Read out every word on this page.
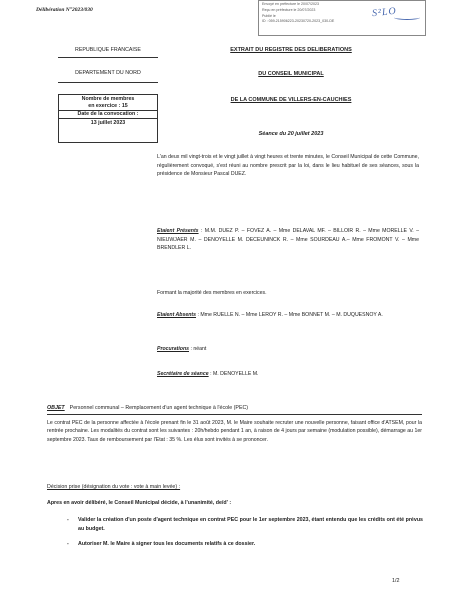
Délibération N°2023/030
Envoyé en préfecture le 20/07/2023
Reçu en préfecture le 20/07/2023
Publié le
ID : 059-215906223-20230720-2023_030-DE
S²LO
REPUBLIQUE FRANCAISE
DEPARTEMENT DU NORD
Nombre de membres
en exercice : 15
Date de la convocation :
13 juillet 2023
EXTRAIT DU REGISTRE DES DELIBERATIONS
DU CONSEIL MUNICIPAL
DE LA COMMUNE DE VILLERS-EN-CAUCHIES
Séance du 20 juillet 2023
L'an deux mil vingt-trois et le vingt juillet à vingt heures et trente minutes, le Conseil Municipal de cette Commune, régulièrement convoqué, s'est réuni au nombre prescrit par la loi, dans le lieu habituel de ses séances, sous la présidence de Monsieur Pascal DUEZ.
Etaient Présents : M.M. DUEZ P. – FOVEZ A. – Mme DELAVAL MF. – BILLOIR R. – Mme MORELLE V. – NIEUWJAER M. – DENOYELLE M. DECEUNINCK R. – Mme SOURDEAU A.– Mme FROMONT V. – Mme BRENDLER L.
Formant la majorité des membres en exercices.
Etaient Absents : Mme RUELLE N. – Mme LEROY R. – Mme BONNET M. – M. DUQUESNOY A.
Procurations : néant
Secrétaire de séance : M. DENOYELLE M.
OBJET Personnel communal – Remplacement d'un agent technique à l'école (PEC)
Le contrat PEC de la personne affectée à l'école prenant fin le 31 août 2023, M. le Maire souhaite recruter une nouvelle personne, faisant office d'ATSEM, pour la rentrée prochaine. Les modalités du contrat sont les suivantes : 20h/hebdo pendant 1 an, à raison de 4 jours par semaine (modulation possible), démarrage au 1er septembre 2023. Taux de remboursement par l'Etat : 35 %. Les élus sont invités à se prononcer.
Décision prise (désignation du vote : vote à main levée) :
Apres en avoir délibéré, le Conseil Municipal décide, à l'unanimité, de/d' :
- Valider la création d'un poste d'agent technique en contrat PEC pour le 1er septembre 2023, étant entendu que les crédits ont été prévus au budget.
- Autoriser M. le Maire à signer tous les documents relatifs à ce dossier.
1/2
